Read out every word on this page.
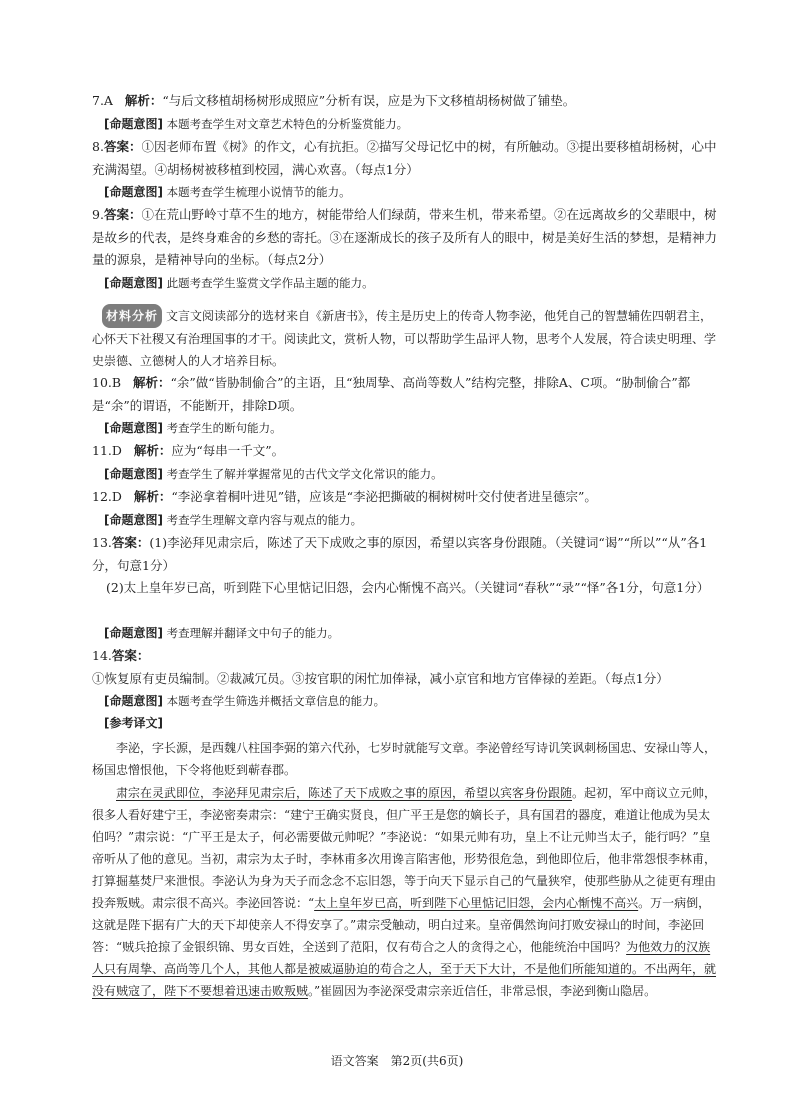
7.A 解析：“与后文移植胡杨树形成照应”分析有误，应是为下文移植胡杨树做了铺垫。
[命题意图] 本题考查学生对文章艺术特色的分析鉴赏能力。
8.答案：①因老师布置《树》的作文，心有抗拒。②描写父母记忆中的树，有所触动。③提出要移植胡杨树，心中充满渴望。④胡杨树被移植到校园，满心欢喜。（每点1分）
[命题意图] 本题考查学生梳理小说情节的能力。
9.答案：①在荒山野岭寸草不生的地方，树能带给人们绿荫，带来生机，带来希望。②在远离故乡的父辈眼中，树是故乡的代表，是终身难舍的乡愁的寄托。③在逐渐成长的孩子及所有人的眼中，树是美好生活的梦想，是精神力量的源泉，是精神导向的坐标。（每点2分）
[命题意图] 此题考查学生鉴赏文学作品主题的能力。
材料分析 文言文阅读部分的选材来自《新唐书》，传主是历史上的传奇人物李泌，他凭自己的智慧辅佐四朝君主，心怀天下社稷又有治理国事的才干。阅读此文，赏析人物，可以帮助学生品评人物，思考个人发展，符合读史明理、学史崇德、立德树人的人才培养目标。
10.B 解析：“余”做“皆胁制偷合”的主语，且“独周挚、高尚等数人”结构完整，排除A、C项。“胁制偷合”都是“余”的谓语，不能断开，排除D项。
[命题意图] 考查学生的断句能力。
11.D 解析：应为“每串一千文”。
[命题意图] 考查学生了解并掌握常见的古代文学文化常识的能力。
12.D 解析：“李泌拿着桐叶进见”错，应该是“李泌把撕破的桐树树叶交付使者进呈德宗”。
[命题意图] 考查学生理解文章内容与观点的能力。
13.答案：(1)李泌拜见肃宗后，陈述了天下成败之事的原因，希望以宾客身份跟随。（关键词“谒”“所以”“从”各1分，句意1分）
(2)太上皇年岁已高，听到陛下心里惦记旧怨，会内心惭愧不高兴。（关键词“春秋”“录”“怿”各1分，句意1分）
[命题意图] 考查理解并翻译文中句子的能力。
14.答案：①恢复原有吏员编制。②裁减冗员。③按官职的闲忙加俸禄，减小京官和地方官俸禄的差距。（每点1分）
[命题意图] 本题考查学生筛选并概括文章信息的能力。
[参考译文]
李泌，字长源，是西魏八柱国李弼的第六代孙，七岁时就能写文章。李泌曾经写诗讥笑讽刺杨国忠、安禄山等人，杨国忠憎恨他，下令将他贬到蕲春郡。
肃宗在灵武即位，李泌拜见肃宗后，陈述了天下成败之事的原因，希望以宾客身份跟随。起初，军中商议立元帅，很多人看好建宁王，李泌密奏肃宗：“建宁王确实贤良，但广平王是您的嫡长子，具有国君的器度，难道让他成为吴太伯吗？”肃宗说：“广平王是太子，何必需要做元帅呢？”李泌说：“如果元帅有功，皇上不让元帅当太子，能行吗？”皇帝听从了他的意见。当初，肃宗为太子时，李林甫多次用谗言陷害他，形势很危急，到他即位后，他非常怨恨李林甫，打算掘墓焚尸来泄恨。李泌认为身为天子而念念不忘旧怨，等于向天下显示自己的气量狭窄，使那些胁从之徒更有理由投奔叛贼。肃宗很不高兴。李泌回答说：“太上皇年岁已高，听到陛下心里惦记旧怨，会内心惭愧不高兴。万一病倒，这就是陛下据有广大的天下却使亲人不得安享了。”肃宗受触动，明白过来。皇帝偶然询问打败安禄山的时间，李泌回答：“贼兵抢掠了金银织锦、男女百姓，全送到了范阳，仅有苟合之人的贪得之心，他能统治中国吗？为他效力的汉族人只有周挚、高尚等几个人，其他人都是被威逼胁迫的苟合之人，至于天下大计，不是他们所能知道的。不出两年，就没有贼寇了，陛下不要想着迅速击败叛贼。”崔圆因为李泌深受肃宗亲近信任，非常忌恨，李泌到衡山隐居。
语文答案　第2页(共6页)
